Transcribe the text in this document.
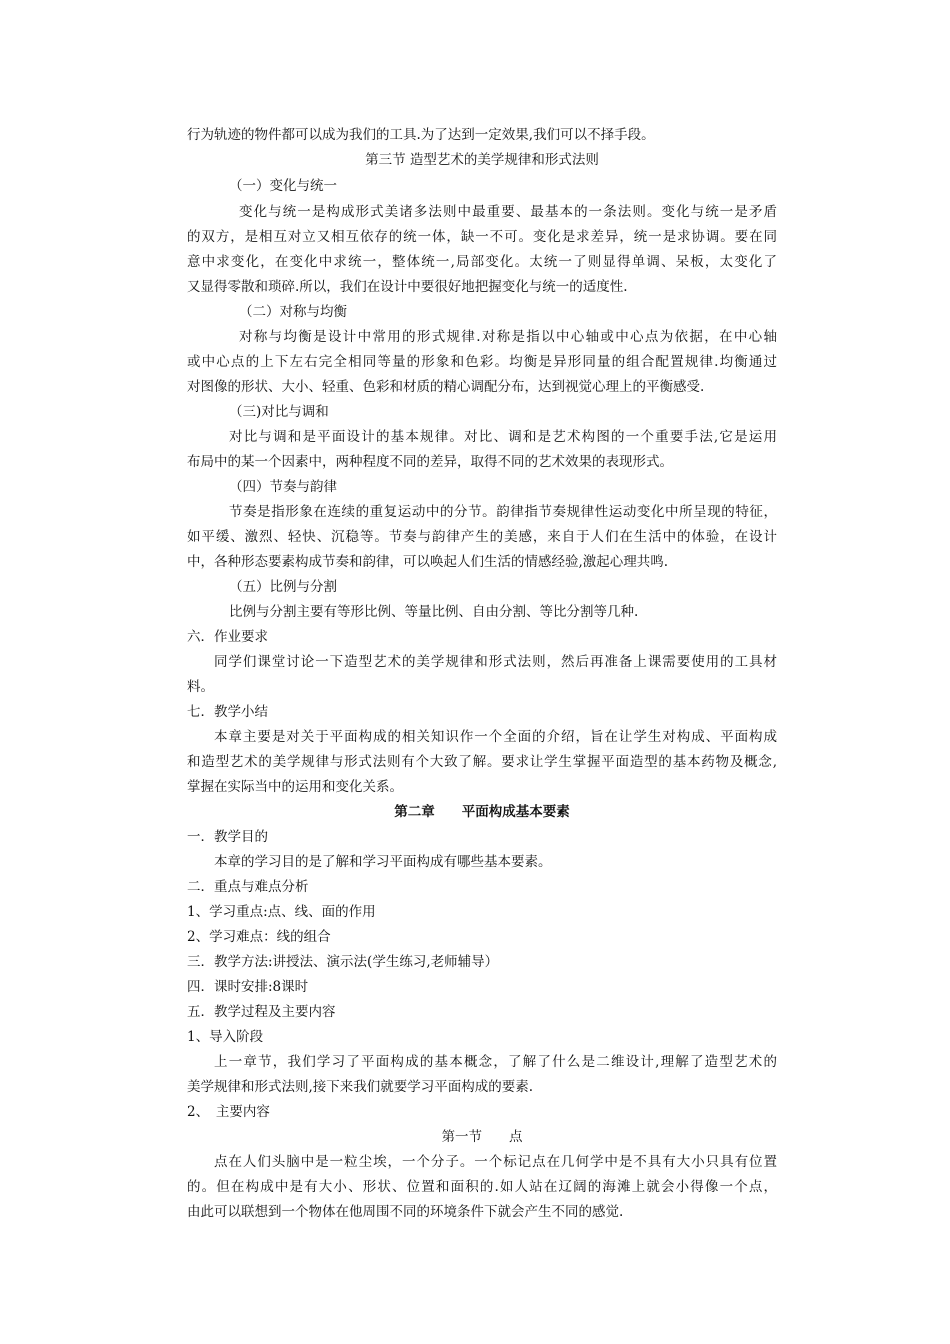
行为轨迹的物件都可以成为我们的工具.为了达到一定效果,我们可以不择手段。
第三节 造型艺术的美学规律和形式法则
（一）变化与统一
变化与统一是构成形式美诸多法则中最重要、最基本的一条法则。变化与统一是矛盾
的双方，是相互对立又相互依存的统一体，缺一不可。变化是求差异，统一是求协调。要在同
意中求变化，在变化中求统一，整体统一,局部变化。太统一了则显得单调、呆板，太变化了
又显得零散和琐碎.所以，我们在设计中要很好地把握变化与统一的适度性.
（二）对称与均衡
对称与均衡是设计中常用的形式规律.对称是指以中心轴或中心点为依据，在中心轴
或中心点的上下左右完全相同等量的形象和色彩。均衡是异形同量的组合配置规律.均衡通过
对图像的形状、大小、轻重、色彩和材质的精心调配分布，达到视觉心理上的平衡感受.
（三)对比与调和
对比与调和是平面设计的基本规律。对比、调和是艺术构图的一个重要手法,它是运用
布局中的某一个因素中，两种程度不同的差异，取得不同的艺术效果的表现形式。
（四）节奏与韵律
节奏是指形象在连续的重复运动中的分节。韵律指节奏规律性运动变化中所呈现的特征，
如平缓、激烈、轻快、沉稳等。节奏与韵律产生的美感，来自于人们在生活中的体验，在设计
中，各种形态要素构成节奏和韵律，可以唤起人们生活的情感经验,激起心理共鸣.
（五）比例与分割
比例与分割主要有等形比例、等量比例、自由分割、等比分割等几种.
六．作业要求
同学们课堂讨论一下造型艺术的美学规律和形式法则，然后再准备上课需要使用的工具材
料。
七．教学小结
本章主要是对关于平面构成的相关知识作一个全面的介绍，旨在让学生对构成、平面构成
和造型艺术的美学规律与形式法则有个大致了解。要求让学生掌握平面造型的基本药物及概念,
掌握在实际当中的运用和变化关系。
第二章　　平面构成基本要素
一．教学目的
本章的学习目的是了解和学习平面构成有哪些基本要素。
二．重点与难点分析
1、学习重点:点、线、面的作用
2、学习难点：线的组合
三．教学方法:讲授法、演示法(学生练习,老师辅导）
四．课时安排:8课时
五．教学过程及主要内容
1、导入阶段
上一章节，我们学习了平面构成的基本概念，了解了什么是二维设计,理解了造型艺术的
美学规律和形式法则,接下来我们就要学习平面构成的要素.
2、　主要内容
第一节　　点
点在人们头脑中是一粒尘埃，一个分子。一个标记点在几何学中是不具有大小只具有位置
的。但在构成中是有大小、形状、位置和面积的.如人站在辽阔的海滩上就会小得像一个点，
由此可以联想到一个物体在他周围不同的环境条件下就会产生不同的感觉.
